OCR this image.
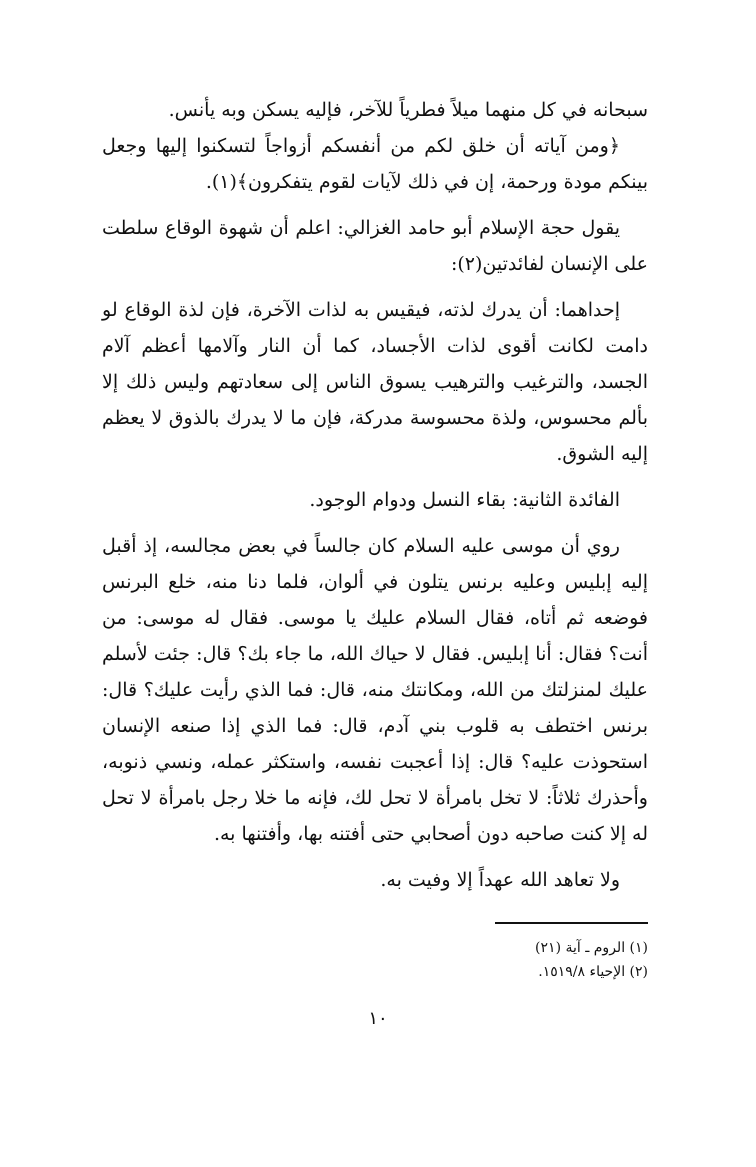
سبحانه في كل منهما ميلاً فطرياً للآخر، فإليه يسكن وبه يأنس.

﴿ومن آياته أن خلق لكم من أنفسكم أزواجاً لتسكنوا إليها وجعل بينكم مودة ورحمة، إن في ذلك لآيات لقوم يتفكرون﴾(١).

يقول حجة الإسلام أبو حامد الغزالي: اعلم أن شهوة الوقاع سلطت على الإنسان لفائدتين(٢):

إحداهما: أن يدرك لذته، فيقيس به لذات الآخرة، فإن لذة الوقاع لو دامت لكانت أقوى لذات الأجساد، كما أن النار وآلامها أعظم آلام الجسد، والترغيب والترهيب يسوق الناس إلى سعادتهم وليس ذلك إلا بألم محسوس، ولذة محسوسة مدركة، فإن ما لا يدرك بالذوق لا يعظم إليه الشوق.

الفائدة الثانية: بقاء النسل ودوام الوجود.

روي أن موسى عليه السلام كان جالساً في بعض مجالسه، إذ أقبل إليه إبليس وعليه برنس يتلون في ألوان، فلما دنا منه، خلع البرنس فوضعه ثم أتاه، فقال السلام عليك يا موسى. فقال له موسى: من أنت؟ فقال: أنا إبليس. فقال لا حياك الله، ما جاء بك؟ قال: جئت لأسلم عليك لمنزلتك من الله، ومكانتك منه، قال: فما الذي رأيت عليك؟ قال: برنس اختطف به قلوب بني آدم، قال: فما الذي إذا صنعه الإنسان استحوذت عليه؟ قال: إذا أعجبت نفسه، واستكثر عمله، ونسي ذنوبه، وأحذرك ثلاثاً: لا تخل بامرأة لا تحل لك، فإنه ما خلا رجل بامرأة لا تحل له إلا كنت صاحبه دون أصحابي حتى أفتنه بها، وأفتنها به.

ولا تعاهد الله عهداً إلا وفيت به.

(١) الروم ـ آية (٢١)

(٢) الإحياء ١٥١٩/٨.

١٠
